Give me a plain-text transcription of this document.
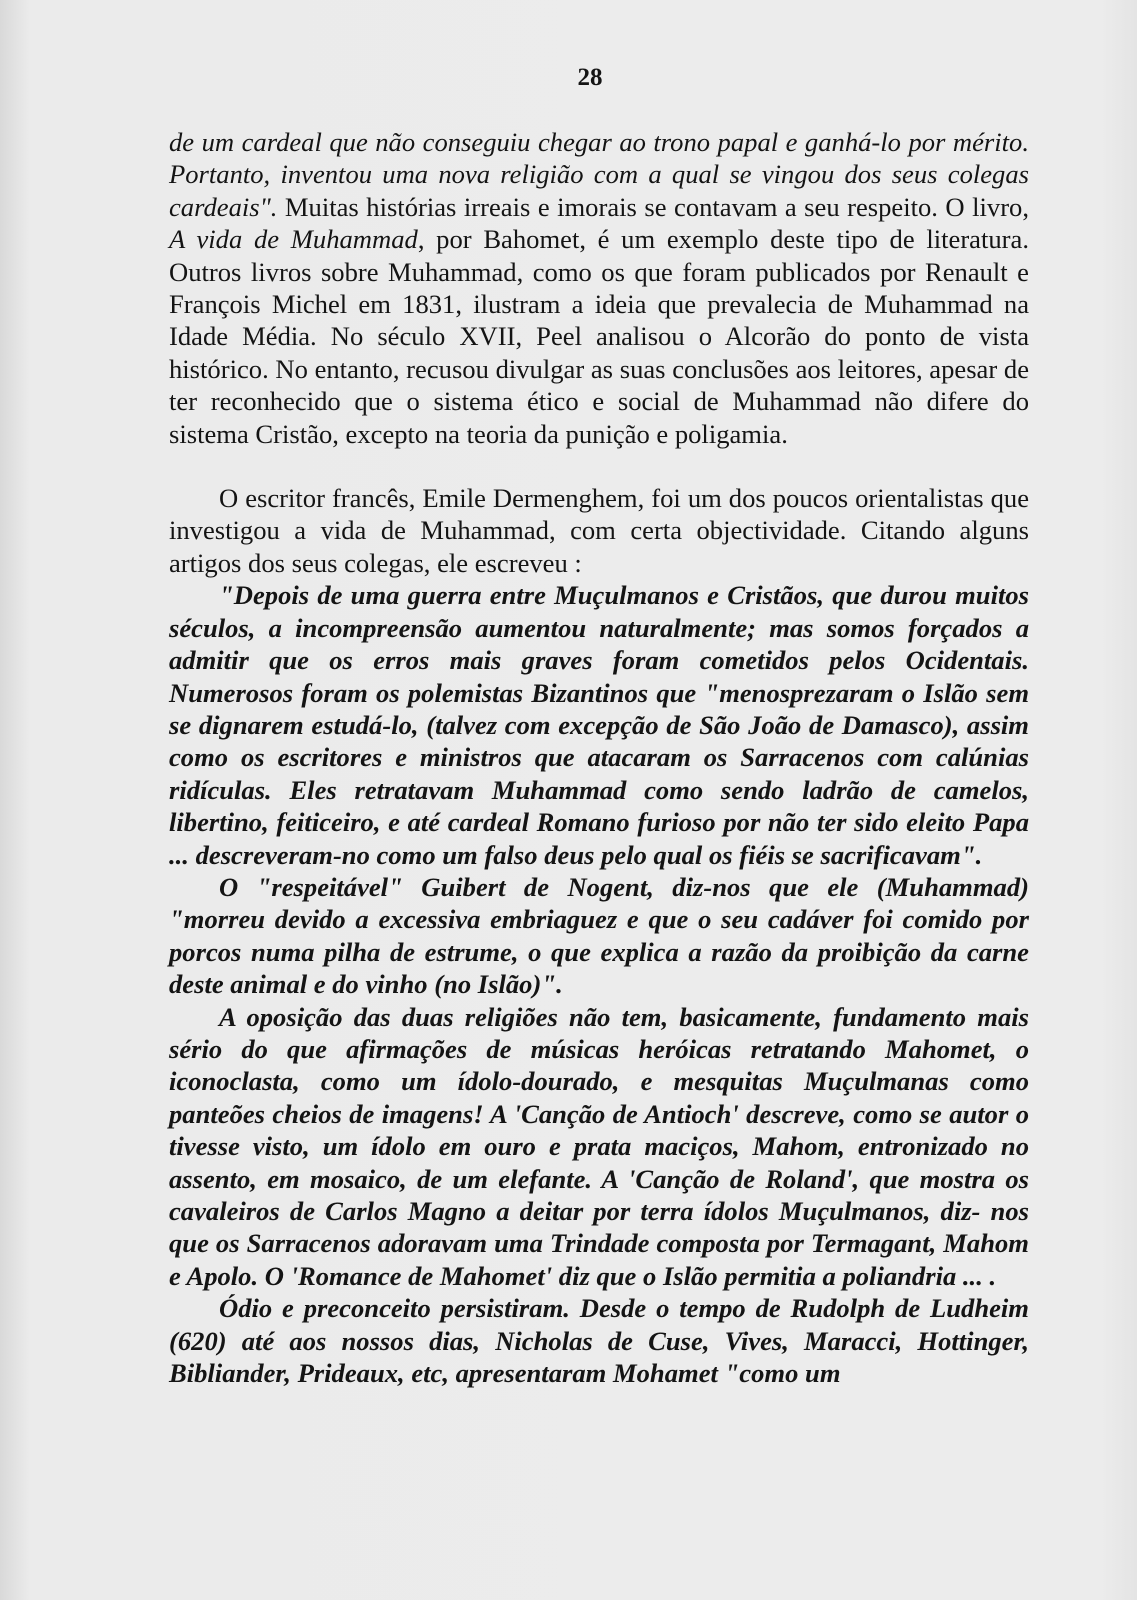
28

de um cardeal que não conseguiu chegar ao trono papal e ganhá-lo por mérito. Portanto, inventou uma nova religião com a qual se vingou dos seus colegas cardeais". Muitas histórias irreais e imorais se contavam a seu respeito. O livro, A vida de Muhammad, por Bahomet, é um exemplo deste tipo de literatura. Outros livros sobre Muhammad, como os que foram publicados por Renault e François Michel em 1831, ilustram a ideia que prevalecia de Muhammad na Idade Média. No século XVII, Peel analisou o Alcorão do ponto de vista histórico. No entanto, recusou divulgar as suas conclusões aos leitores, apesar de ter reconhecido que o sistema ético e social de Muhammad não difere do sistema Cristão, excepto na teoria da punição e poligamia.

O escritor francês, Emile Dermenghem, foi um dos poucos orientalistas que investigou a vida de Muhammad, com certa objectividade. Citando alguns artigos dos seus colegas, ele escreveu :

"Depois de uma guerra entre Muçulmanos e Cristãos, que durou muitos séculos, a incompreensão aumentou naturalmente; mas somos forçados a admitir que os erros mais graves foram cometidos pelos Ocidentais. Numerosos foram os polemistas Bizantinos que "menosprezaram o Islão sem se dignarem estudá-lo, (talvez com excepção de São João de Damasco), assim como os escritores e ministros que atacaram os Sarracenos com calúnias ridículas. Eles retratavam Muhammad como sendo ladrão de camelos, libertino, feiticeiro, e até cardeal Romano furioso por não ter sido eleito Papa ... descreveram-no como um falso deus pelo qual os fiéis se sacrificavam".

O "respeitável" Guibert de Nogent, diz-nos que ele (Muhammad) "morreu devido a excessiva embriaguez e que o seu cadáver foi comido por porcos numa pilha de estrume, o que explica a razão da proibição da carne deste animal e do vinho (no Islão)".

A oposição das duas religiões não tem, basicamente, fundamento mais sério do que afirmações de músicas heróicas retratando Mahomet, o iconoclasta, como um ídolo-dourado, e mesquitas Muçulmanas como panteões cheios de imagens! A 'Canção de Antioch' descreve, como se autor o tivesse visto, um ídolo em ouro e prata maciços, Mahom, entronizado no assento, em mosaico, de um elefante. A 'Canção de Roland', que mostra os cavaleiros de Carlos Magno a deitar por terra ídolos Muçulmanos, diz- nos que os Sarracenos adoravam uma Trindade composta por Termagant, Mahom e Apolo. O 'Romance de Mahomet' diz que o Islão permitia a poliandria ... .

Ódio e preconceito persistiram. Desde o tempo de Rudolph de Ludheim (620) até aos nossos dias, Nicholas de Cuse, Vives, Maracci, Hottinger, Bibliander, Prideaux, etc, apresentaram Mohamet "como um
